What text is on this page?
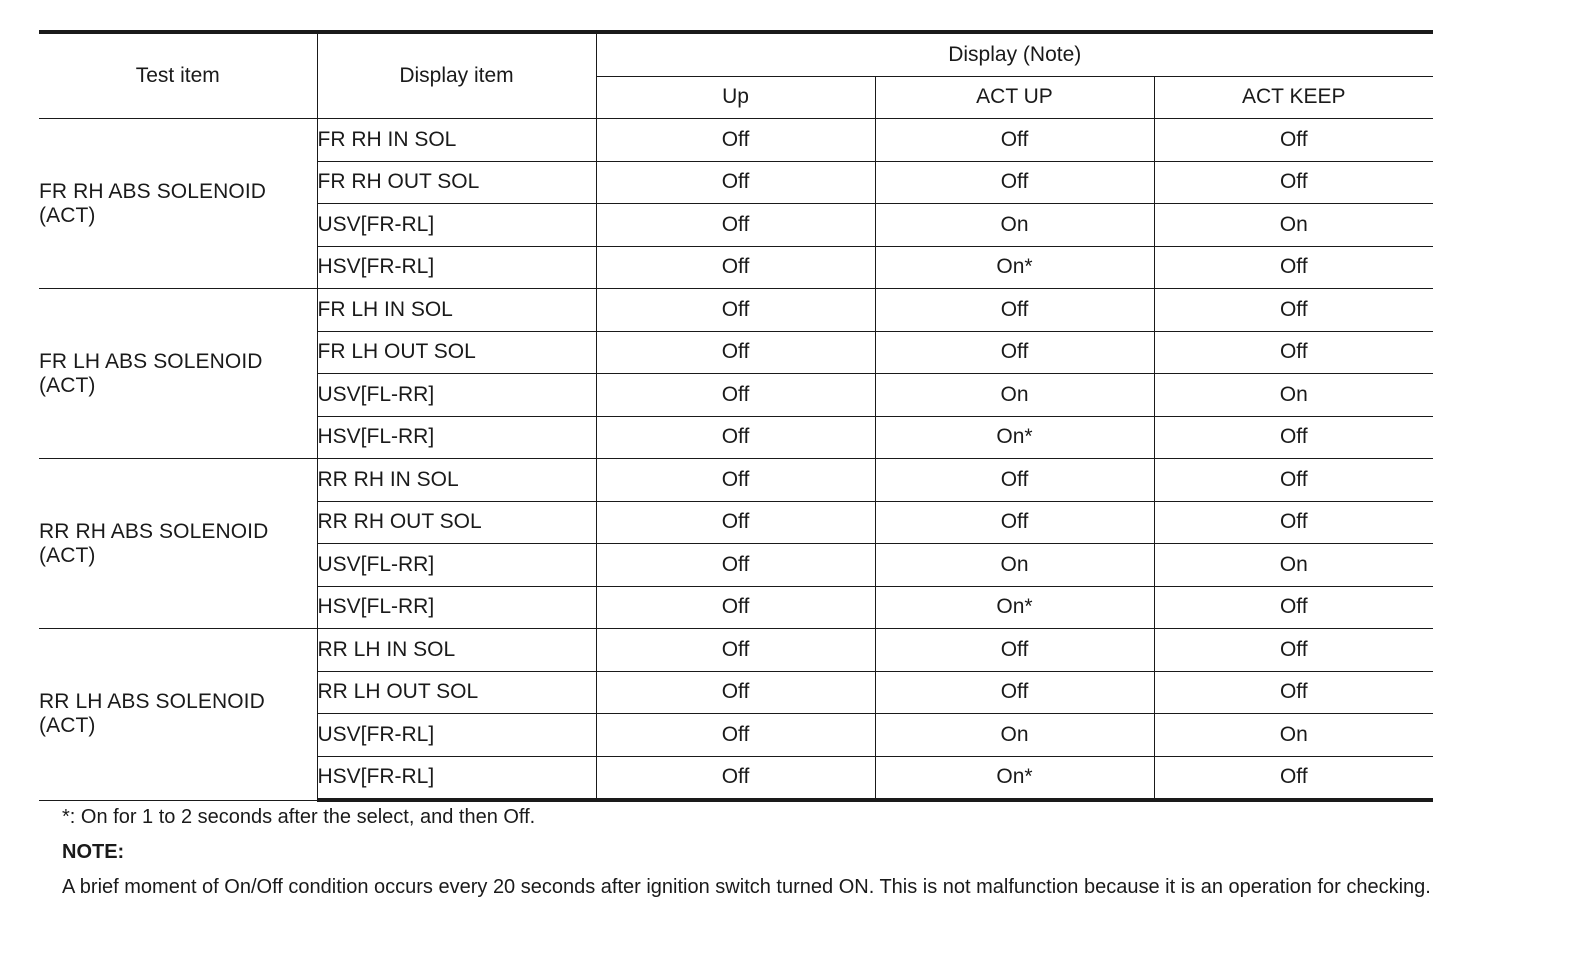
Test item	Display item	Display (Note)		
		Up	ACT UP	ACT KEEP

FR RH ABS SOLENOID
(ACT)	FR RH IN SOL	Off	Off	Off
	FR RH OUT SOL	Off	Off	Off
	USV[FR-RL]	Off	On	On
	HSV[FR-RL]	Off	On*	Off

FR LH ABS SOLENOID
(ACT)	FR LH IN SOL	Off	Off	Off
	FR LH OUT SOL	Off	Off	Off
	USV[FL-RR]	Off	On	On
	HSV[FL-RR]	Off	On*	Off

RR RH ABS SOLENOID
(ACT)	RR RH IN SOL	Off	Off	Off
	RR RH OUT SOL	Off	Off	Off
	USV[FL-RR]	Off	On	On
	HSV[FL-RR]	Off	On*	Off

RR LH ABS SOLENOID
(ACT)	RR LH IN SOL	Off	Off	Off
	RR LH OUT SOL	Off	Off	Off
	USV[FR-RL]	Off	On	On
	HSV[FR-RL]	Off	On*	Off

*: On for 1 to 2 seconds after the select, and then Off.

NOTE:

A brief moment of On/Off condition occurs every 20 seconds after ignition switch turned ON. This is not malfunction because it is an operation for checking.
